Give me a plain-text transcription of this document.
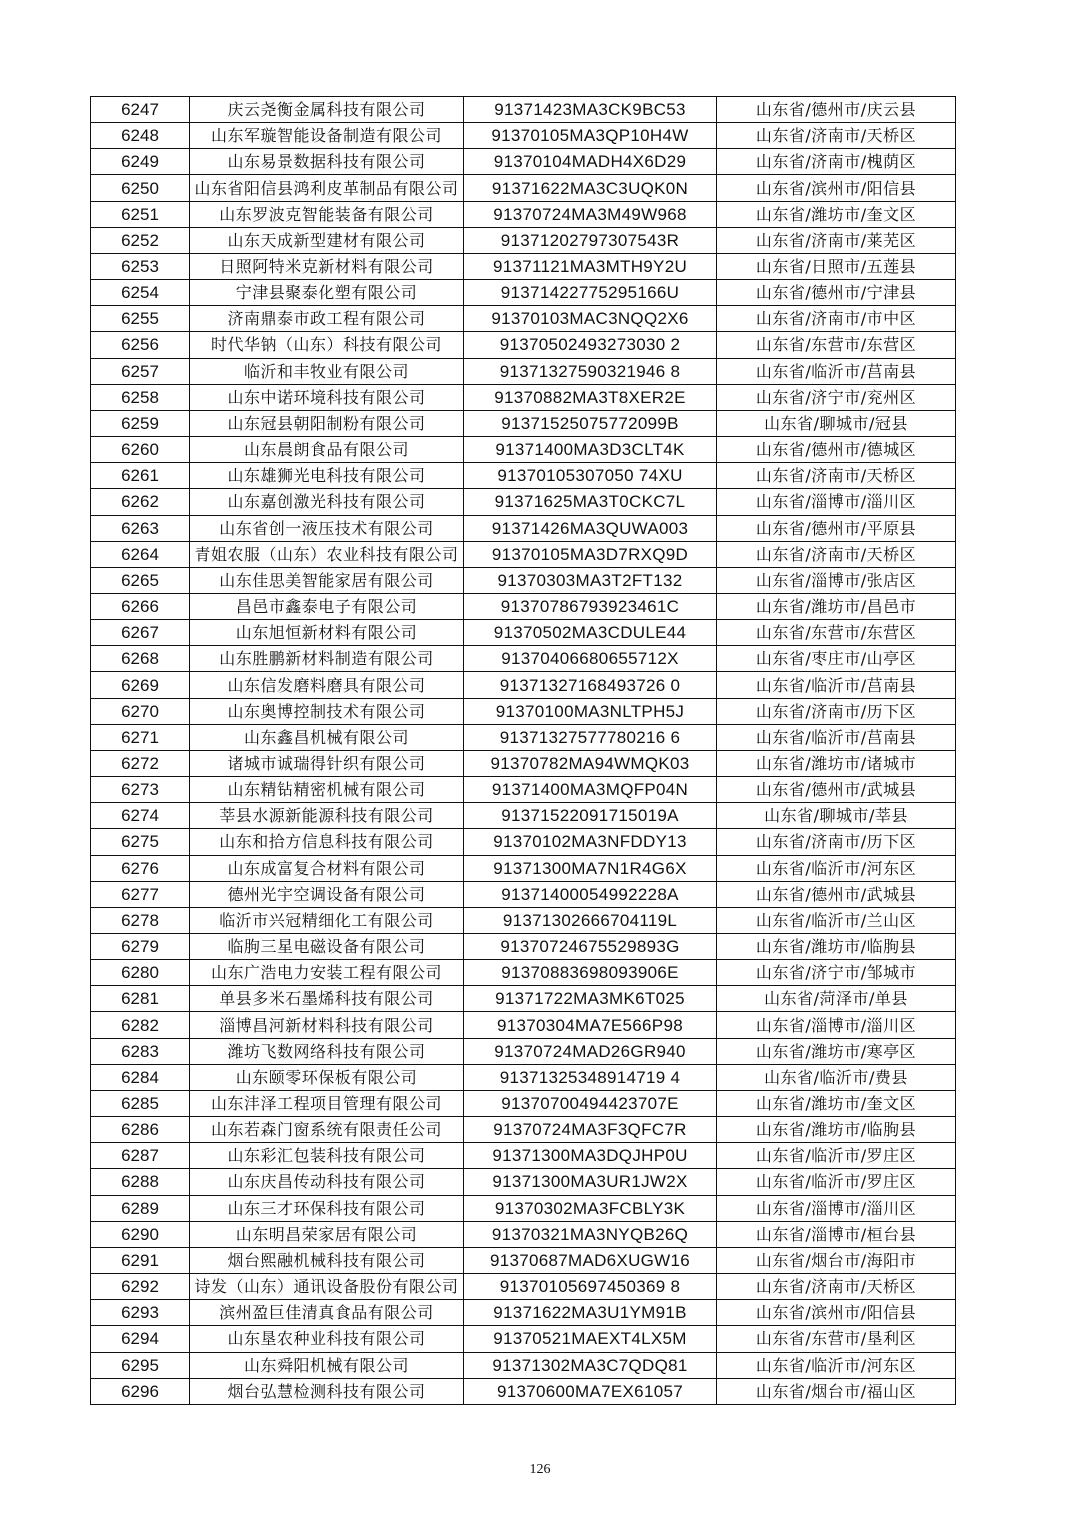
6247	庆云尧衡金属科技有限公司	91371423MA3CK9BC53	山东省/德州市/庆云县
6248	山东军璇智能设备制造有限公司	91370105MA3QP10H4W	山东省/济南市/天桥区
6249	山东易景数据科技有限公司	91370104MADH4X6D29	山东省/济南市/槐荫区
6250	山东省阳信县鸿利皮革制品有限公司	91371622MA3C3UQK0N	山东省/滨州市/阳信县
6251	山东罗波克智能装备有限公司	91370724MA3M49W968	山东省/潍坊市/奎文区
6252	山东天成新型建材有限公司	91371202797307543R	山东省/济南市/莱芜区
6253	日照阿特米克新材料有限公司	91371121MA3MTH9Y2U	山东省/日照市/五莲县
6254	宁津县聚泰化塑有限公司	91371422775295166U	山东省/德州市/宁津县
6255	济南鼎泰市政工程有限公司	91370103MAC3NQQ2X6	山东省/济南市/市中区
6256	时代华钠（山东）科技有限公司	91370502493273030 2	山东省/东营市/东营区
6257	临沂和丰牧业有限公司	91371327590321946 8	山东省/临沂市/莒南县
6258	山东中诺环境科技有限公司	91370882MA3T8XER2E	山东省/济宁市/兖州区
6259	山东冠县朝阳制粉有限公司	91371525075772099B	山东省/聊城市/冠县
6260	山东晨朗食品有限公司	91371400MA3D3CLT4K	山东省/德州市/德城区
6261	山东雄狮光电科技有限公司	91370105307050 74XU	山东省/济南市/天桥区
6262	山东嘉创激光科技有限公司	91371625MA3T0CKC7L	山东省/淄博市/淄川区
6263	山东省创一液压技术有限公司	91371426MA3QUWA003	山东省/德州市/平原县
6264	青姐农服（山东）农业科技有限公司	91370105MA3D7RXQ9D	山东省/济南市/天桥区
6265	山东佳思美智能家居有限公司	91370303MA3T2FT132	山东省/淄博市/张店区
6266	昌邑市鑫泰电子有限公司	91370786793923461C	山东省/潍坊市/昌邑市
6267	山东旭恒新材料有限公司	91370502MA3CDULE44	山东省/东营市/东营区
6268	山东胜鹏新材料制造有限公司	91370406680655712X	山东省/枣庄市/山亭区
6269	山东信发磨料磨具有限公司	91371327168493726 0	山东省/临沂市/莒南县
6270	山东奥博控制技术有限公司	91370100MA3NLTPH5J	山东省/济南市/历下区
6271	山东鑫昌机械有限公司	91371327577780216 6	山东省/临沂市/莒南县
6272	诸城市诚瑞得针织有限公司	91370782MA94WMQK03	山东省/潍坊市/诸城市
6273	山东精钻精密机械有限公司	91371400MA3MQFP04N	山东省/德州市/武城县
6274	莘县水源新能源科技有限公司	91371522091715019A	山东省/聊城市/莘县
6275	山东和拾方信息科技有限公司	91370102MA3NFDDY13	山东省/济南市/历下区
6276	山东成富复合材料有限公司	91371300MA7N1R4G6X	山东省/临沂市/河东区
6277	德州光宇空调设备有限公司	91371400054992228A	山东省/德州市/武城县
6278	临沂市兴冠精细化工有限公司	91371302666704119L	山东省/临沂市/兰山区
6279	临朐三星电磁设备有限公司	91370724675529893G	山东省/潍坊市/临朐县
6280	山东广浩电力安装工程有限公司	91370883698093906E	山东省/济宁市/邹城市
6281	单县多米石墨烯科技有限公司	91371722MA3MK6T025	山东省/菏泽市/单县
6282	淄博昌河新材料科技有限公司	91370304MA7E566P98	山东省/淄博市/淄川区
6283	潍坊飞数网络科技有限公司	91370724MAD26GR940	山东省/潍坊市/寒亭区
6284	山东颐零环保板有限公司	91371325348914719 4	山东省/临沂市/费县
6285	山东沣泽工程项目管理有限公司	91370700494423707E	山东省/潍坊市/奎文区
6286	山东若森门窗系统有限责任公司	91370724MA3F3QFC7R	山东省/潍坊市/临朐县
6287	山东彩汇包装科技有限公司	91371300MA3DQJHP0U	山东省/临沂市/罗庄区
6288	山东庆昌传动科技有限公司	91371300MA3UR1JW2X	山东省/临沂市/罗庄区
6289	山东三才环保科技有限公司	91370302MA3FCBLY3K	山东省/淄博市/淄川区
6290	山东明昌荣家居有限公司	91370321MA3NYQB26Q	山东省/淄博市/桓台县
6291	烟台熙融机械科技有限公司	91370687MAD6XUGW16	山东省/烟台市/海阳市
6292	诗发（山东）通讯设备股份有限公司	91370105697450369 8	山东省/济南市/天桥区
6293	滨州盈巨佳清真食品有限公司	91371622MA3U1YM91B	山东省/滨州市/阳信县
6294	山东垦农种业科技有限公司	91370521MAEXT4LX5M	山东省/东营市/垦利区
6295	山东舜阳机械有限公司	91371302MA3C7QDQ81	山东省/临沂市/河东区
6296	烟台弘慧检测科技有限公司	91370600MA7EX61057	山东省/烟台市/福山区
126
